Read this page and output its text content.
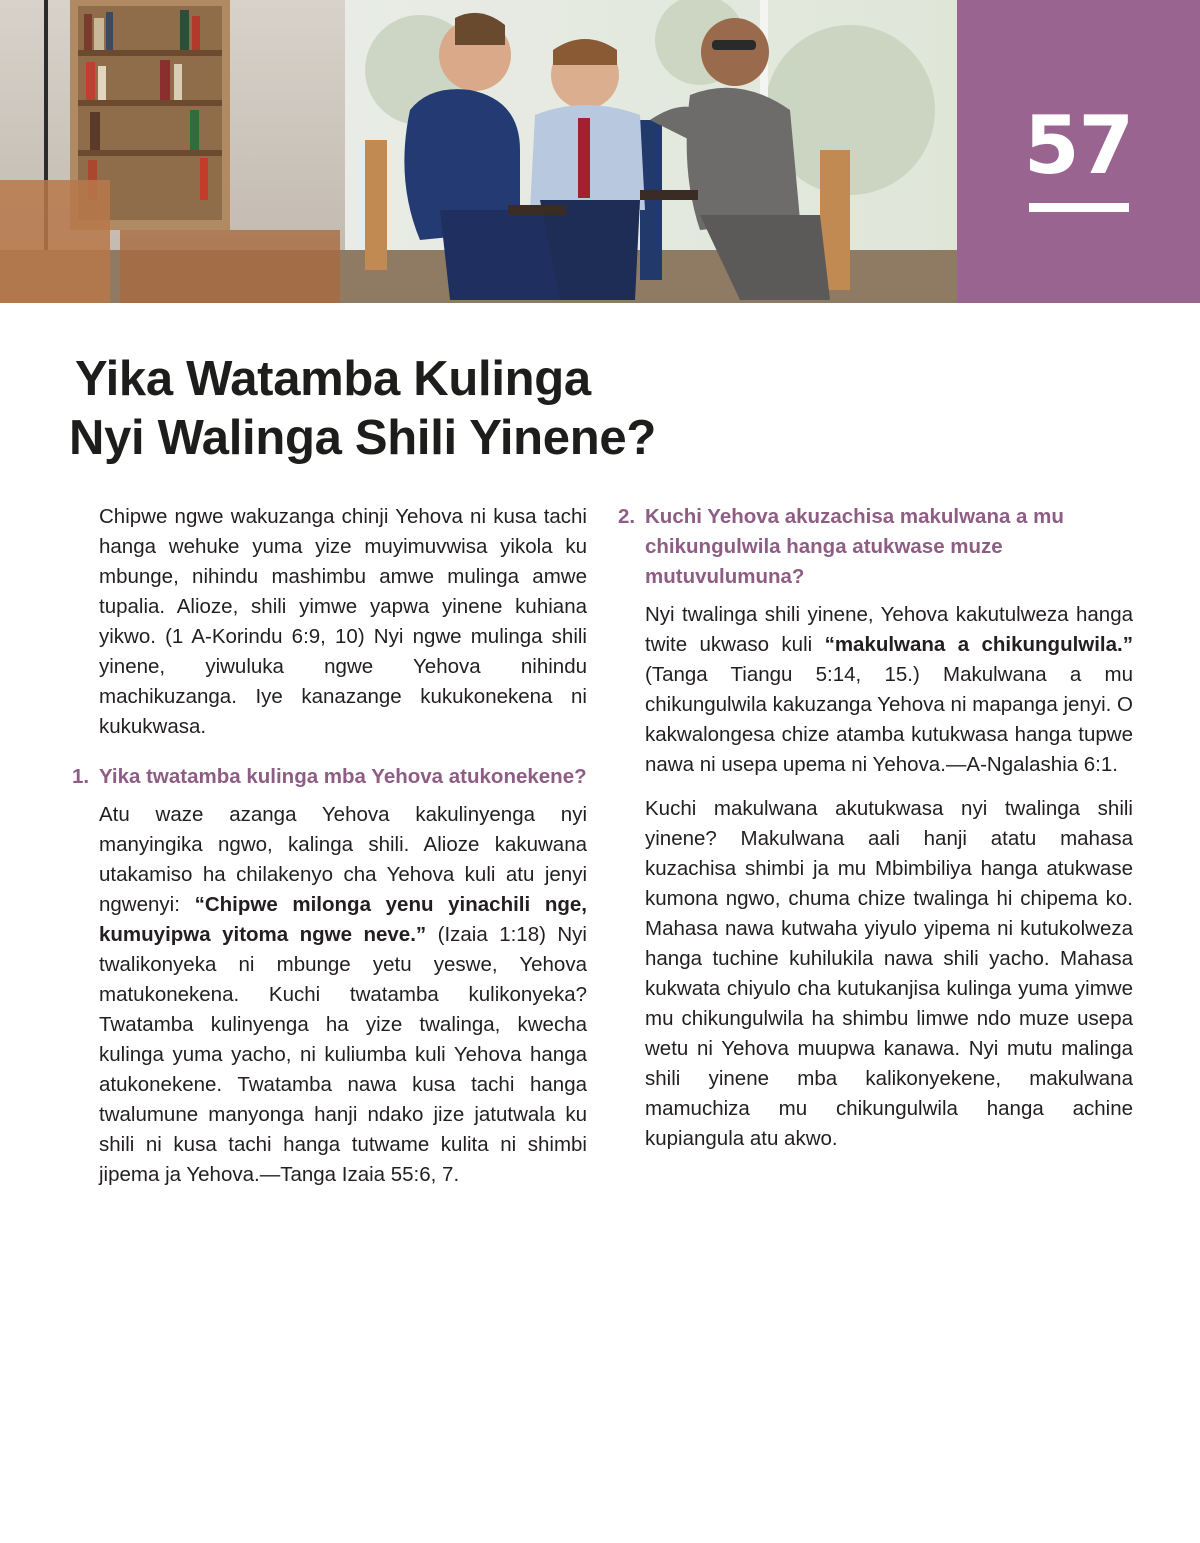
57
Yika Watamba Kulinga
Nyi Walinga Shili Yinene?

Chipwe ngwe wakuzanga chinji Yehova ni kusa tachi hanga wehuke yuma yize muyimuvwisa yikola ku mbunge, nihindu mashimbu amwe mulinga amwe tupalia. Alioze, shili yimwe yapwa yinene kuhiana yikwo. (1 A-Korindu 6:9, 10) Nyi ngwe mulinga shili yinene, yiwuluka ngwe Yehova nihindu machikuzanga. Iye kanazange kukukonekena ni kukukwasa.

1. Yika twatamba kulinga mba Yehova atukonekene?

Atu waze azanga Yehova kakulinyenga nyi manyingika ngwo, kalinga shili. Alioze kakuwana utakamiso ha chilakenyo cha Yehova kuli atu jenyi ngwenyi: “Chipwe milonga yenu yinachili nge, kumuyipwa yitoma ngwe neve.” (Izaia 1:18) Nyi twalikonyeka ni mbunge yetu yeswe, Yehova matukonekena. Kuchi twatamba kulikonyeka? Twatamba kulinyenga ha yize twalinga, kwecha kulinga yuma yacho, ni kuliumba kuli Yehova hanga atukonekene. Twatamba nawa kusa tachi hanga twalumune manyonga hanji ndako jize jatutwala ku shili ni kusa tachi hanga tutwame kulita ni shimbi jipema ja Yehova.—Tanga Izaia 55:6, 7.

2. Kuchi Yehova akuzachisa makulwana a mu chikungulwila hanga atukwase muze mutuvulumuna?

Nyi twalinga shili yinene, Yehova kakutulweza hanga twite ukwaso kuli “makulwana a chikungulwila.” (Tanga Tiangu 5:14, 15.) Makulwana a mu chikungulwila kakuzanga Yehova ni mapanga jenyi. O kakwalongesa chize atamba kutukwasa hanga tupwe nawa ni usepa upema ni Yehova.—A-Ngalashia 6:1.

Kuchi makulwana akutukwasa nyi twalinga shili yinene? Makulwana aali hanji atatu mahasa kuzachisa shimbi ja mu Mbimbiliya hanga atukwase kumona ngwo, chuma chize twalinga hi chipema ko. Mahasa nawa kutwaha yiyulo yipema ni kutukolweza hanga tuchine kuhilukila nawa shili yacho. Mahasa kukwata chiyulo cha kutukanjisa kulinga yuma yimwe mu chikungulwila ha shimbu limwe ndo muze usepa wetu ni Yehova muupwa kanawa. Nyi mutu malinga shili yinene mba kalikonyekene, makulwana mamuchiza mu chikungulwila hanga achine kupiangula atu akwo.
